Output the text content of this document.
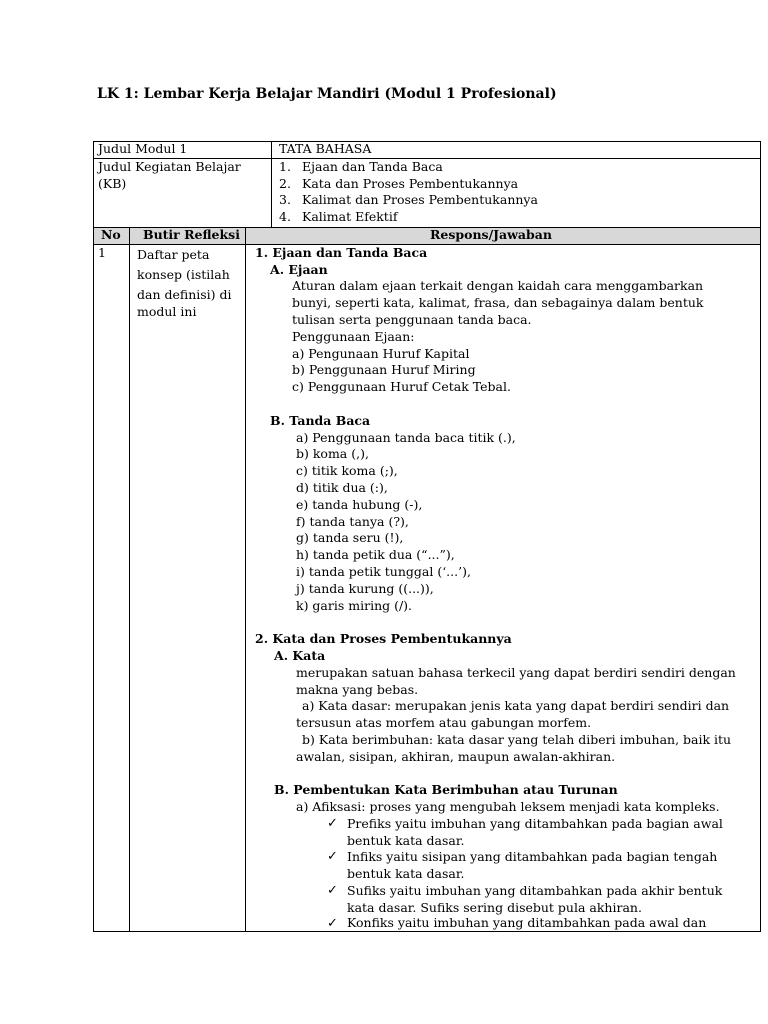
LK 1: Lembar Kerja Belajar Mandiri (Modul 1 Profesional)
Judul Modul 1	TATA BAHASA
Judul Kegiatan Belajar
(KB)
1. Ejaan dan Tanda Baca
2. Kata dan Proses Pembentukannya
3. Kalimat dan Proses Pembentukannya
4. Kalimat Efektif
No Butir Refleksi	Respons/Jawaban
1 Daftar peta
konsep (istilah
dan definisi) di
modul ini
1. Ejaan dan Tanda Baca
A. Ejaan
Aturan dalam ejaan terkait dengan kaidah cara menggambarkan
bunyi, seperti kata, kalimat, frasa, dan sebagainya dalam bentuk
tulisan serta penggunaan tanda baca.
Penggunaan Ejaan:
a) Pengunaan Huruf Kapital
b) Penggunaan Huruf Miring
c) Penggunaan Huruf Cetak Tebal.
B. Tanda Baca
a) Penggunaan tanda baca titik (.),
b) koma (,),
c) titik koma (;),
d) titik dua (:),
e) tanda hubung (-),
f) tanda tanya (?),
g) tanda seru (!),
h) tanda petik dua (“...”),
i) tanda petik tunggal (‘...’),
j) tanda kurung ((...)),
k) garis miring (/).
2. Kata dan Proses Pembentukannya
A. Kata
merupakan satuan bahasa terkecil yang dapat berdiri sendiri dengan
makna yang bebas.
a) Kata dasar: merupakan jenis kata yang dapat berdiri sendiri dan
tersusun atas morfem atau gabungan morfem.
b) Kata berimbuhan: kata dasar yang telah diberi imbuhan, baik itu
awalan, sisipan, akhiran, maupun awalan-akhiran.
B. Pembentukan Kata Berimbuhan atau Turunan
a) Afiksasi: proses yang mengubah leksem menjadi kata kompleks.
✓ Prefiks yaitu imbuhan yang ditambahkan pada bagian awal
bentuk kata dasar.
✓ Infiks yaitu sisipan yang ditambahkan pada bagian tengah
bentuk kata dasar.
✓ Sufiks yaitu imbuhan yang ditambahkan pada akhir bentuk
kata dasar. Sufiks sering disebut pula akhiran.
✓ Konfiks yaitu imbuhan yang ditambahkan pada awal dan
